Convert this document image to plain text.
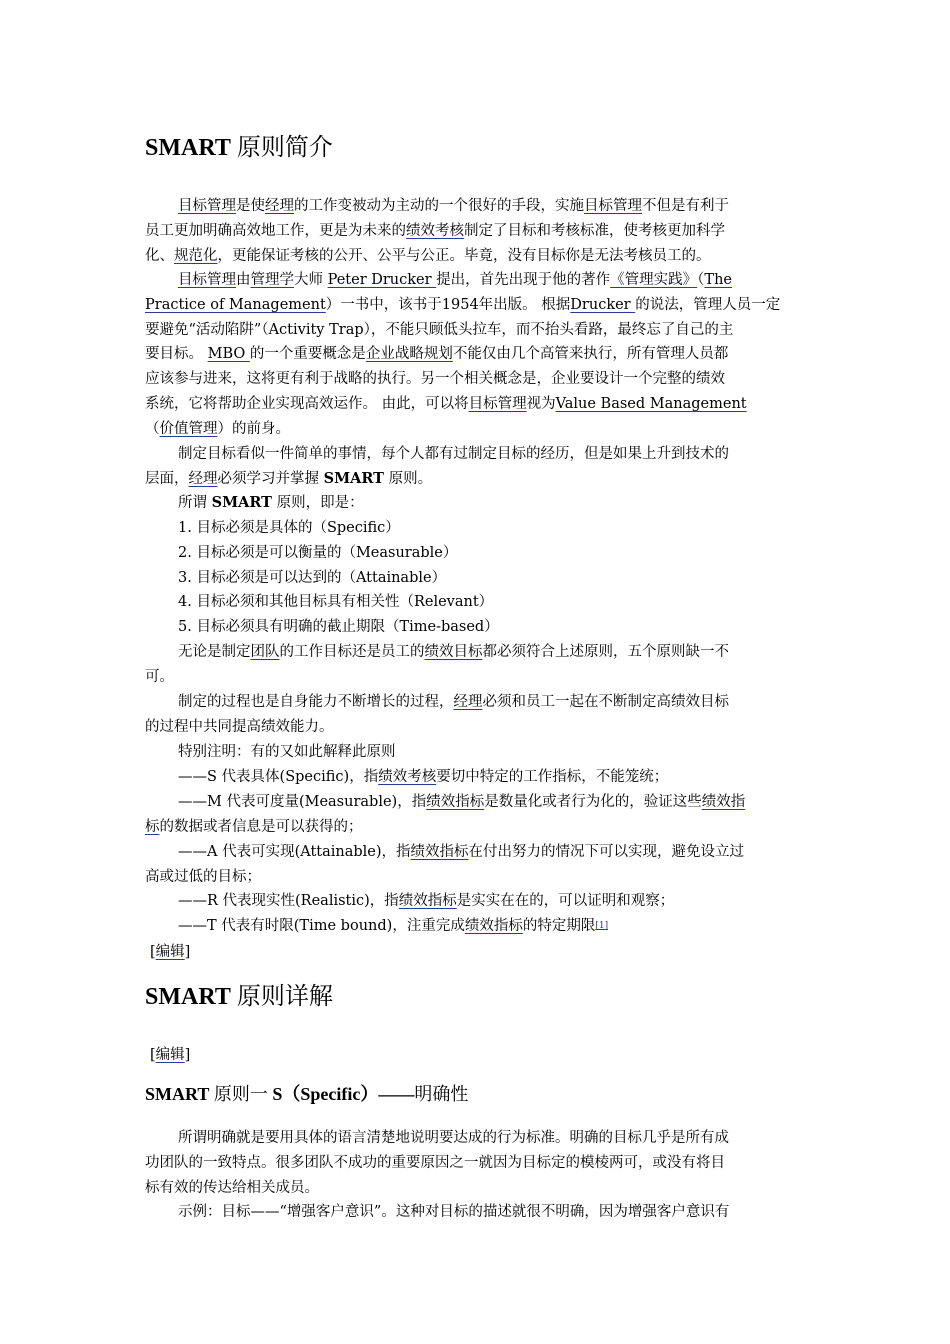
SMART 原则简介

目标管理是使经理的工作变被动为主动的一个很好的手段，实施目标管理不但是有利于

员工更加明确高效地工作，更是为未来的绩效考核制定了目标和考核标准，使考核更加科学

化、规范化，更能保证考核的公开、公平与公正。毕竟，没有目标你是无法考核员工的。

目标管理由管理学大师 Peter Drucker 提出，首先出现于他的著作《管理实践》（The

Practice of Management）一书中，该书于1954年出版。 根据Drucker 的说法，管理人员一定

要避免“活动陷阱”（Activity Trap），不能只顾低头拉车，而不抬头看路，最终忘了自己的主

要目标。 MBO 的一个重要概念是企业战略规划不能仅由几个高管来执行，所有管理人员都

应该参与进来，这将更有利于战略的执行。另一个相关概念是，企业要设计一个完整的绩效

系统，它将帮助企业实现高效运作。 由此，可以将目标管理视为Value Based Management

（价值管理）的前身。

制定目标看似一件简单的事情，每个人都有过制定目标的经历，但是如果上升到技术的

层面，经理必须学习并掌握 SMART 原则。

所谓 SMART 原则，即是：

1. 目标必须是具体的（Specific）

2. 目标必须是可以衡量的（Measurable）

3. 目标必须是可以达到的（Attainable）

4. 目标必须和其他目标具有相关性（Relevant）

5. 目标必须具有明确的截止期限（Time-based）

无论是制定团队的工作目标还是员工的绩效目标都必须符合上述原则，五个原则缺一不

可。

制定的过程也是自身能力不断增长的过程，经理必须和员工一起在不断制定高绩效目标

的过程中共同提高绩效能力。

特别注明：有的又如此解释此原则

——S 代表具体(Specific)，指绩效考核要切中特定的工作指标，不能笼统；

——M 代表可度量(Measurable)，指绩效指标是数量化或者行为化的，验证这些绩效指

标的数据或者信息是可以获得的；

——A 代表可实现(Attainable)，指绩效指标在付出努力的情况下可以实现，避免设立过

高或过低的目标；

——R 代表现实性(Realistic)，指绩效指标是实实在在的，可以证明和观察；

——T 代表有时限(Time bound)，注重完成绩效指标的特定期限[1]

[编辑]
SMART 原则详解
[编辑]
SMART 原则一 S（Specific）——明确性

所谓明确就是要用具体的语言清楚地说明要达成的行为标准。明确的目标几乎是所有成

功团队的一致特点。很多团队不成功的重要原因之一就因为目标定的模棱两可，或没有将目

标有效的传达给相关成员。

示例：目标——“增强客户意识”。这种对目标的描述就很不明确，因为增强客户意识有
